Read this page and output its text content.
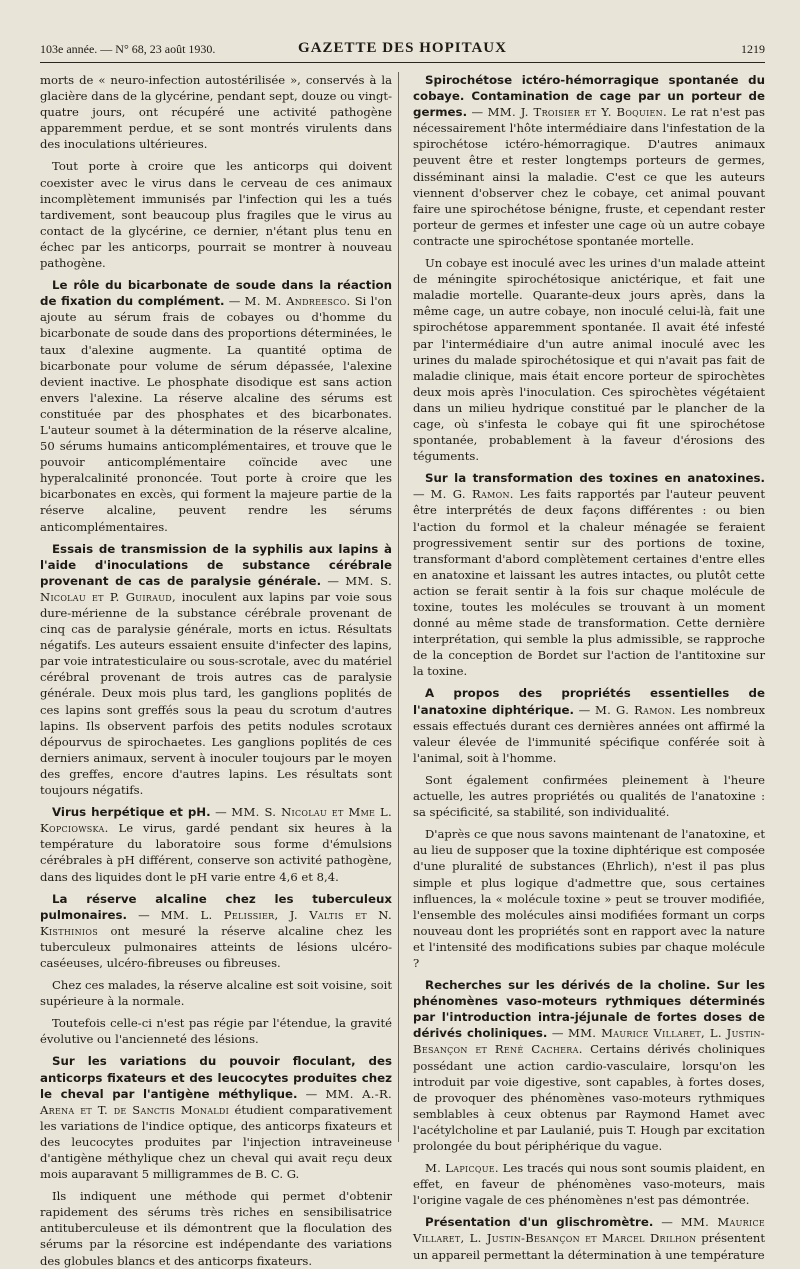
103e année. — N° 68, 23 août 1930.	GAZETTE DES HOPITAUX	1219

morts de « neuro-infection autostérilisée », conservés à la glacière dans de la glycérine, pendant sept, douze ou vingt-quatre jours, ont récupéré une activité pathogène apparemment perdue, et se sont montrés virulents dans des inoculations ultérieures.

Tout porte à croire que les anticorps qui doivent coexister avec le virus dans le cerveau de ces animaux incomplètement immunisés par l'infection qui les a tués tardivement, sont beaucoup plus fragiles que le virus au contact de la glycérine, ce dernier, n'étant plus tenu en échec par les anticorps, pourrait se montrer à nouveau pathogène.

Le rôle du bicarbonate de soude dans la réaction de fixation du complément. — M. M. Andreesco. Si l'on ajoute au sérum frais de cobayes ou d'homme du bicarbonate de soude dans des proportions déterminées, le taux d'alexine augmente. La quantité optima de bicarbonate pour volume de sérum dépassée, l'alexine devient inactive. Le phosphate disodique est sans action envers l'alexine. La réserve alcaline des sérums est constituée par des phosphates et des bicarbonates. L'auteur soumet à la détermination de la réserve alcaline, 50 sérums humains anticomplémentaires, et trouve que le pouvoir anticomplémentaire coïncide avec une hyperalcalinité prononcée. Tout porte à croire que les bicarbonates en excès, qui forment la majeure partie de la réserve alcaline, peuvent rendre les sérums anticomplémentaires.

Essais de transmission de la syphilis aux lapins à l'aide d'inoculations de substance cérébrale provenant de cas de paralysie générale. — MM. S. Nicolau et P. Guiraud, inoculent aux lapins par voie sous dure-mérienne de la substance cérébrale provenant de cinq cas de paralysie générale, morts en ictus. Résultats négatifs. Les auteurs essaient ensuite d'infecter des lapins, par voie intratesticulaire ou sous-scrotale, avec du matériel cérébral provenant de trois autres cas de paralysie générale. Deux mois plus tard, les ganglions poplités de ces lapins sont greffés sous la peau du scrotum d'autres lapins. Ils observent parfois des petits nodules scrotaux dépourvus de spirochaetes. Les ganglions poplités de ces derniers animaux, servent à inoculer toujours par le moyen des greffes, encore d'autres lapins. Les résultats sont toujours négatifs.

Virus herpétique et pH. — MM. S. Nicolau et Mme L. Kopciowska. Le virus, gardé pendant six heures à la température du laboratoire sous forme d'émulsions cérébrales à pH différent, conserve son activité pathogène, dans des liquides dont le pH varie entre 4,6 et 8,4.

La réserve alcaline chez les tuberculeux pulmonaires. — MM. L. Pelissier, J. Valtis et N. Kisthinios ont mesuré la réserve alcaline chez les tuberculeux pulmonaires atteints de lésions ulcéro-caséeuses, ulcéro-fibreuses ou fibreuses.

Chez ces malades, la réserve alcaline est soit voisine, soit supérieure à la normale.

Toutefois celle-ci n'est pas régie par l'étendue, la gravité évolutive ou l'ancienneté des lésions.

Sur les variations du pouvoir floculant, des anticorps fixateurs et des leucocytes produites chez le cheval par l'antigène méthylique. — MM. A.-R. Arena et T. de Sanctis Monaldi étudient comparativement les variations de l'indice optique, des anticorps fixateurs et des leucocytes produites par l'injection intraveineuse d'antigène méthylique chez un cheval qui avait reçu deux mois auparavant 5 milligrammes de B. C. G.

Ils indiquent une méthode qui permet d'obtenir rapidement des sérums très riches en sensibilisatrice antituberculeuse et ils démontrent que la floculation des sérums par la résorcine est indépendante des variations des globules blancs et des anticorps fixateurs.

Spirochétose ictéro-hémorragique spontanée du cobaye. Contamination de cage par un porteur de germes. — MM. J. Troisier et Y. Boquien. Le rat n'est pas nécessairement l'hôte intermédiaire dans l'infestation de la spirochétose ictéro-hémorragique. D'autres animaux peuvent être et rester longtemps porteurs de germes, disséminant ainsi la maladie. C'est ce que les auteurs viennent d'observer chez le cobaye, cet animal pouvant faire une spirochétose bénigne, fruste, et cependant rester porteur de germes et infester une cage où un autre cobaye contracte une spirochétose spontanée mortelle.

Un cobaye est inoculé avec les urines d'un malade atteint de méningite spirochétosique anictérique, et fait une maladie mortelle. Quarante-deux jours après, dans la même cage, un autre cobaye, non inoculé celui-là, fait une spirochétose apparemment spontanée. Il avait été infesté par l'intermédiaire d'un autre animal inoculé avec les urines du malade spirochétosique et qui n'avait pas fait de maladie clinique, mais était encore porteur de spirochètes deux mois après l'inoculation. Ces spirochètes végétaient dans un milieu hydrique constitué par le plancher de la cage, où s'infesta le cobaye qui fit une spirochétose spontanée, probablement à la faveur d'érosions des téguments.

Sur la transformation des toxines en anatoxines. — M. G. Ramon. Les faits rapportés par l'auteur peuvent être interprétés de deux façons différentes : ou bien l'action du formol et la chaleur ménagée se feraient progressivement sentir sur des portions de toxine, transformant d'abord complètement certaines d'entre elles en anatoxine et laissant les autres intactes, ou plutôt cette action se ferait sentir à la fois sur chaque molécule de toxine, toutes les molécules se trouvant à un moment donné au même stade de transformation. Cette dernière interprétation, qui semble la plus admissible, se rapproche de la conception de Bordet sur l'action de l'antitoxine sur la toxine.

A propos des propriétés essentielles de l'anatoxine diphtérique. — M. G. Ramon. Les nombreux essais effectués durant ces dernières années ont affirmé la valeur élevée de l'immunité spécifique conférée soit à l'animal, soit à l'homme.

Sont également confirmées pleinement à l'heure actuelle, les autres propriétés ou qualités de l'anatoxine : sa spécificité, sa stabilité, son individualité.

D'après ce que nous savons maintenant de l'anatoxine, et au lieu de supposer que la toxine diphtérique est composée d'une pluralité de substances (Ehrlich), n'est il pas plus simple et plus logique d'admettre que, sous certaines influences, la « molécule toxine » peut se trouver modifiée, l'ensemble des molécules ainsi modifiées formant un corps nouveau dont les propriétés sont en rapport avec la nature et l'intensité des modifications subies par chaque molécule ?

Recherches sur les dérivés de la choline. Sur les phénomènes vaso-moteurs rythmiques déterminés par l'introduction intra-jéjunale de fortes doses de dérivés choliniques. — MM. Maurice Villaret, L. Justin-Besançon et René Cachera. Certains dérivés choliniques possédant une action cardio-vasculaire, lorsqu'on les introduit par voie digestive, sont capables, à fortes doses, de provoquer des phénomènes vaso-moteurs rythmiques semblables à ceux obtenus par Raymond Hamet avec l'acétylcholine et par Laulanié, puis T. Hough par excitation prolongée du bout périphérique du vague.

M. Lapicque. Les tracés qui nous sont soumis plaident, en effet, en faveur de phénomènes vaso-moteurs, mais l'origine vagale de ces phénomènes n'est pas démontrée.

Présentation d'un glischromètre. — MM. Maurice Villaret, L. Justin-Besançon et Marcel Drilhon présentent un appareil permettant la détermination à une température
